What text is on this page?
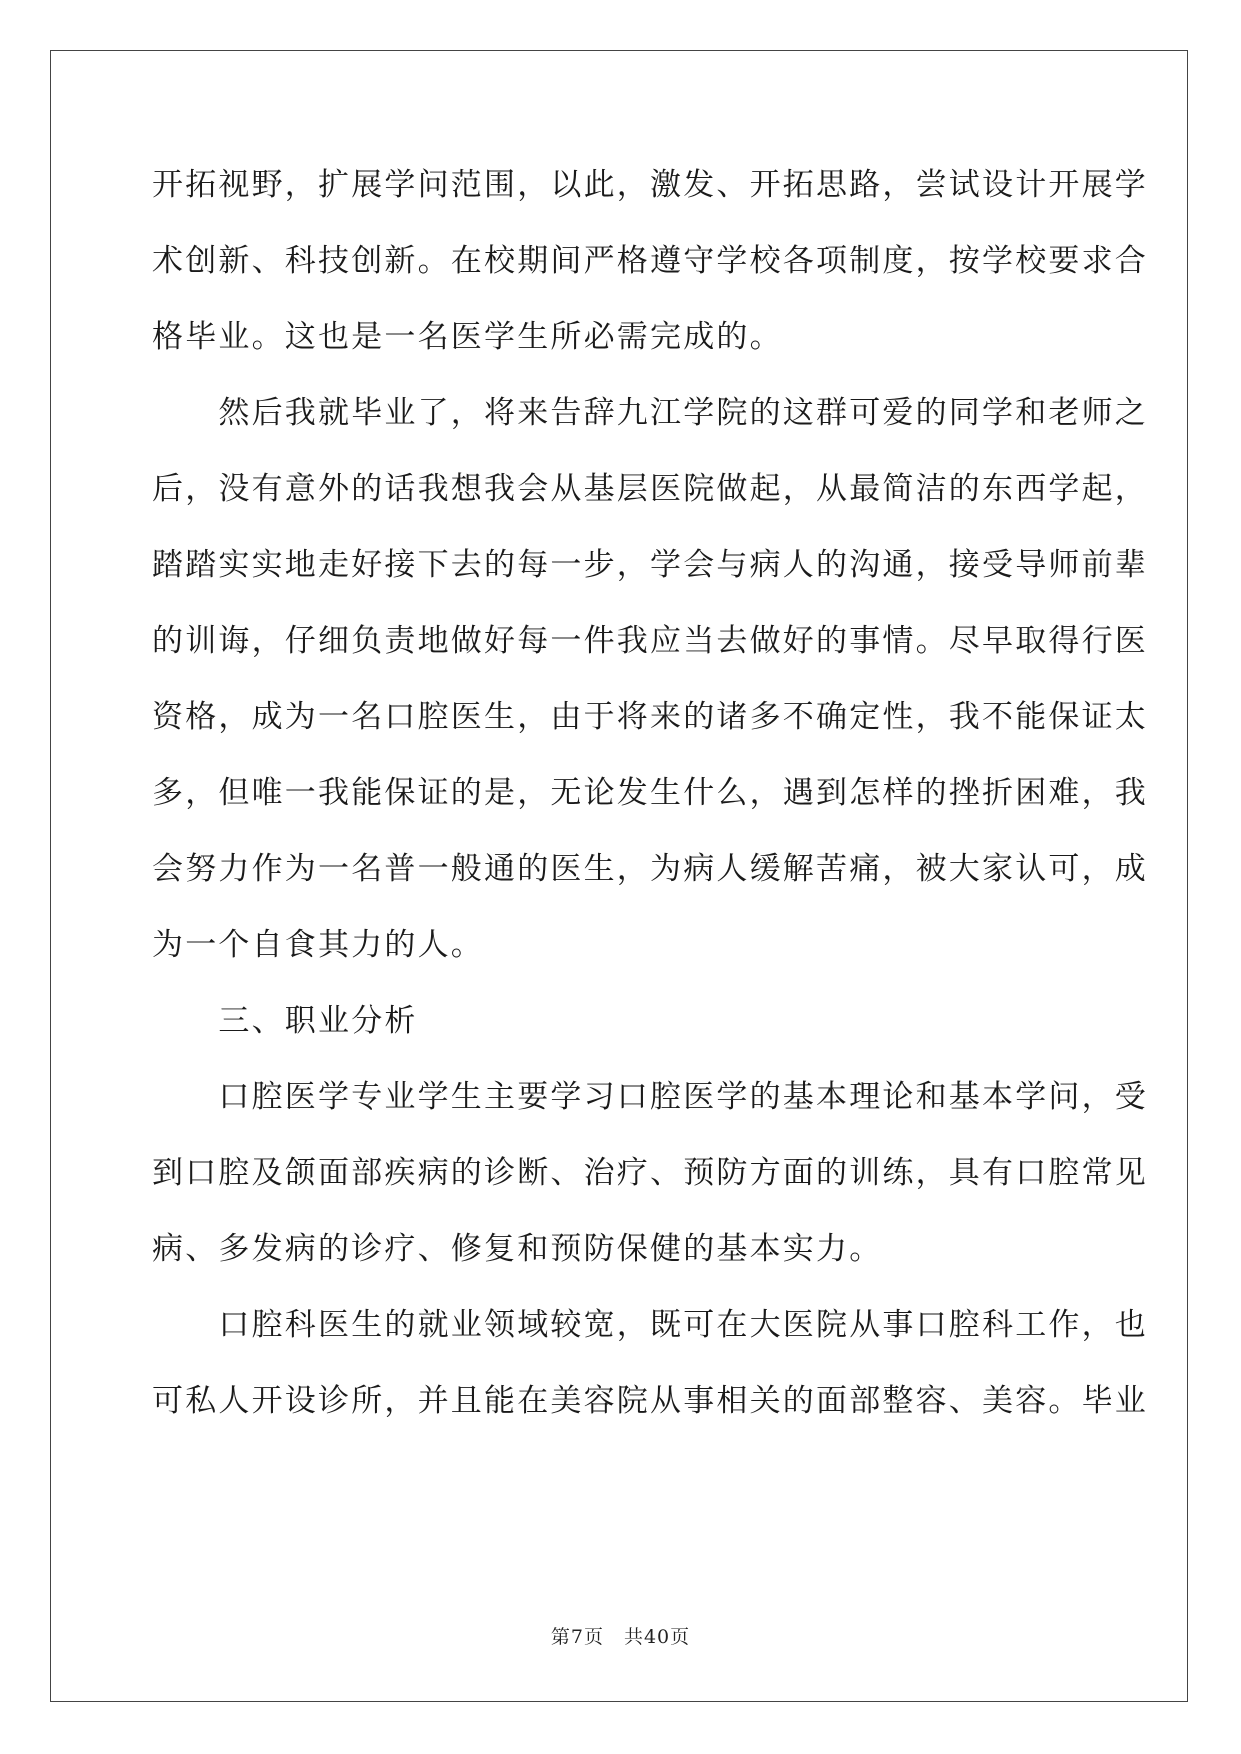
开拓视野，扩展学问范围，以此，激发、开拓思路，尝试设计开展学
术创新、科技创新。在校期间严格遵守学校各项制度，按学校要求合
格毕业。这也是一名医学生所必需完成的。
　　然后我就毕业了，将来告辞九江学院的这群可爱的同学和老师之
后，没有意外的话我想我会从基层医院做起，从最简洁的东西学起，
踏踏实实地走好接下去的每一步，学会与病人的沟通，接受导师前辈
的训诲，仔细负责地做好每一件我应当去做好的事情。尽早取得行医
资格，成为一名口腔医生，由于将来的诸多不确定性，我不能保证太
多，但唯一我能保证的是，无论发生什么，遇到怎样的挫折困难，我
会努力作为一名普一般通的医生，为病人缓解苦痛，被大家认可，成
为一个自食其力的人。
　　三、职业分析
　　口腔医学专业学生主要学习口腔医学的基本理论和基本学问，受
到口腔及颌面部疾病的诊断、治疗、预防方面的训练，具有口腔常见
病、多发病的诊疗、修复和预防保健的基本实力。
　　口腔科医生的就业领域较宽，既可在大医院从事口腔科工作，也
可私人开设诊所，并且能在美容院从事相关的面部整容、美容。毕业
第7页　共40页
